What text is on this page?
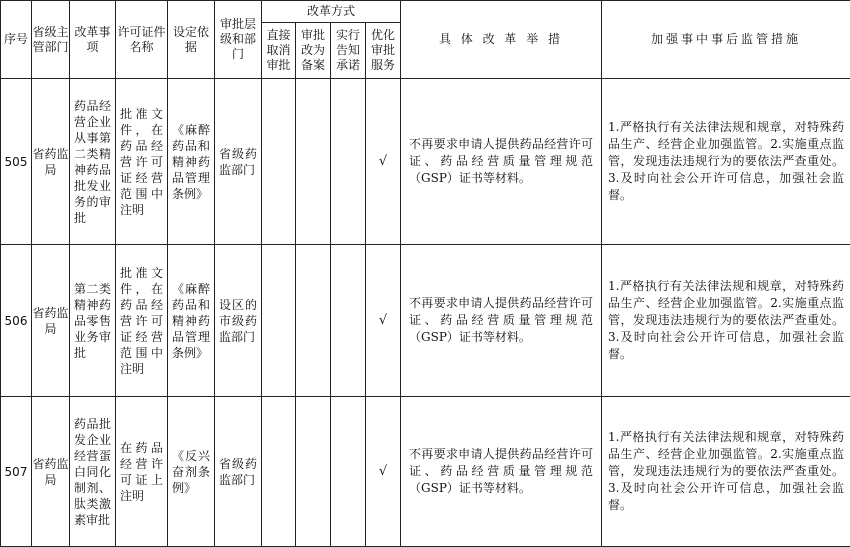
序号	省级主管部门	改革事项	许可证件名称	设定依据	审批层级和部门	改革方式				具 体 改 革 举 措	加强事中事后监管措施
						直接取消审批	审批改为备案	实行告知承诺	优化审批服务		
505	省药监局	药品经营企业从事第二类精神药品批发业务的审批	批准文件，在药品经营许可证经营范围中注明	《麻醉药品和精神药品管理条例》	省级药监部门				√	不再要求申请人提供药品经营许可证、药品经营质量管理规范（GSP）证书等材料。	1.严格执行有关法律法规和规章，对特殊药品生产、经营企业加强监管。2.实施重点监管，发现违法违规行为的要依法严查重处。3.及时向社会公开许可信息，加强社会监督。
506	省药监局	第二类精神药品零售业务审批	批准文件，在药品经营许可证经营范围中注明	《麻醉药品和精神药品管理条例》	设区的市级药监部门				√	不再要求申请人提供药品经营许可证、药品经营质量管理规范（GSP）证书等材料。	1.严格执行有关法律法规和规章，对特殊药品生产、经营企业加强监管。2.实施重点监管，发现违法违规行为的要依法严查重处。3.及时向社会公开许可信息，加强社会监督。
507	省药监局	药品批发企业经营蛋白同化制剂、肽类激素审批	在药品经营许可证上注明	《反兴奋剂条例》	省级药监部门				√	不再要求申请人提供药品经营许可证、药品经营质量管理规范（GSP）证书等材料。	1.严格执行有关法律法规和规章，对特殊药品生产、经营企业加强监管。2.实施重点监管，发现违法违规行为的要依法严查重处。3.及时向社会公开许可信息，加强社会监督。
